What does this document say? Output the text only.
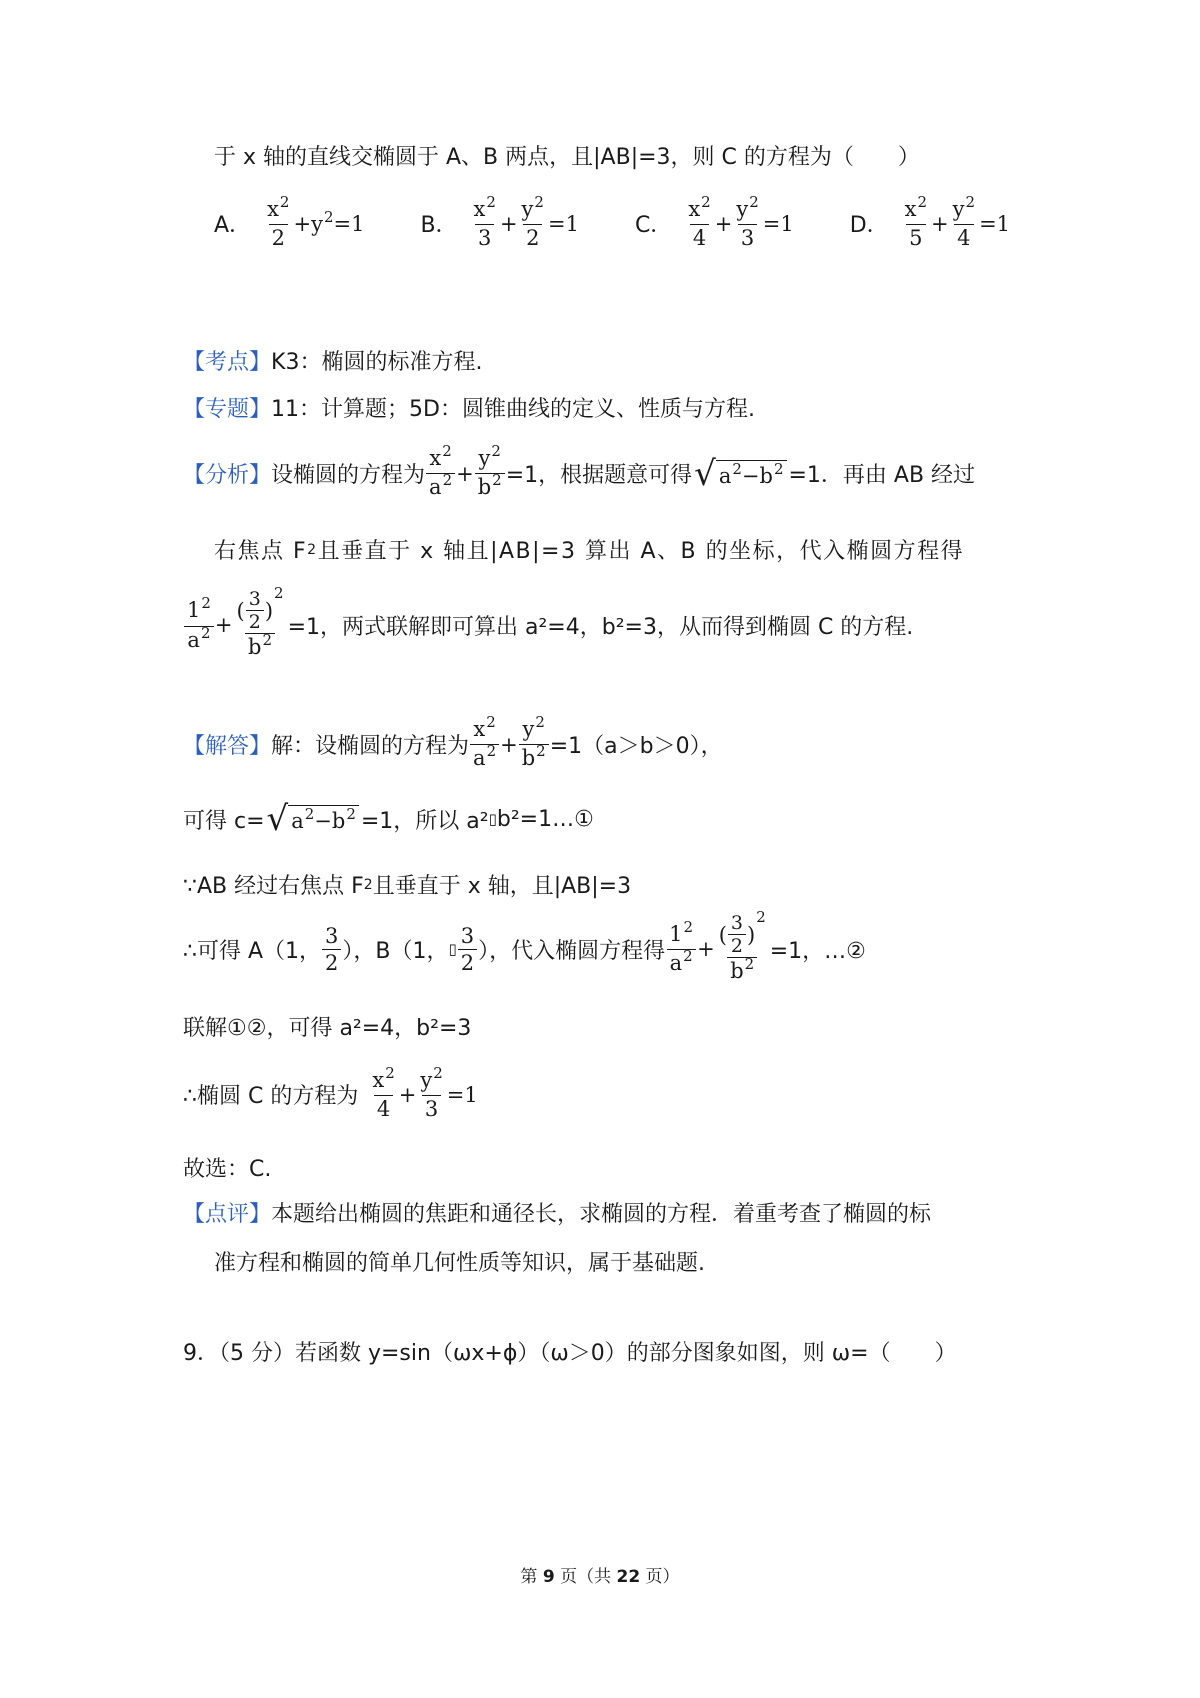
于 x 轴的直线交椭圆于 A、B 两点，且|AB|=3，则 C 的方程为（　　）
A． $\frac{x^2}{2} + y^2 =1$	B． $\frac{x^2}{3} + \frac{y^2}{2} =1$	C． $\frac{x^2}{4} + \frac{y^2}{3} =1$	D． $\frac{x^2}{5} + \frac{y^2}{4} =1$
【考点】 K3：椭圆的标准方程.
【专题】 11：计算题；5D：圆锥曲线的定义、性质与方程.
【分析】 设椭圆的方程为 $\frac{x^2}{a^2} + \frac{y^2}{b^2} =1$，根据题意可得 √ $a^2-b^2 =1$．再由 AB 经过
右焦点 F 2 且垂直于 x 轴且|AB|=3 算出 A、B 的坐标，代入椭圆方程得
$\frac{1^2}{a^2}$ + ( $\frac{3}{2}$ )
2
$b^2 =1$， 两式联解即可算出 a²=4，b²=3，从而得到椭圆 C 的方程.
【解答】 解：设椭圆的方程为 $\frac{x^2}{a^2} + \frac{y^2}{b^2} =1(a>b>0)$，
可得 c= √ $a^2-b^2 =1$，所以 a² ▯ b²=1…①
∵AB 经过右焦点 F 2 且垂直于 x 轴，且|AB|=3
∴可得 A（1， $\frac{3}{2}$ ），B（1， ▯ $\frac{3}{2}$ ），代入椭圆方程得 $\frac{1^2}{a^2}$ + ( $\frac{3}{2}$ )
2
$b^2 =1$，…②
联解①②，可得 a²=4，b²=3
∴椭圆 C 的方程为 $\frac{x^2}{4} + \frac{y^2}{3} =1$
故选：C.
【点评】 本题给出椭圆的焦距和通径长，求椭圆的方程．着重考查了椭圆的标
准方程和椭圆的简单几何性质等知识，属于基础题.
9．（5 分）若函数 y=sin（ωx+ϕ）（ω＞0）的部分图象如图，则 ω=（　　）
第 9 页（共 22 页）
